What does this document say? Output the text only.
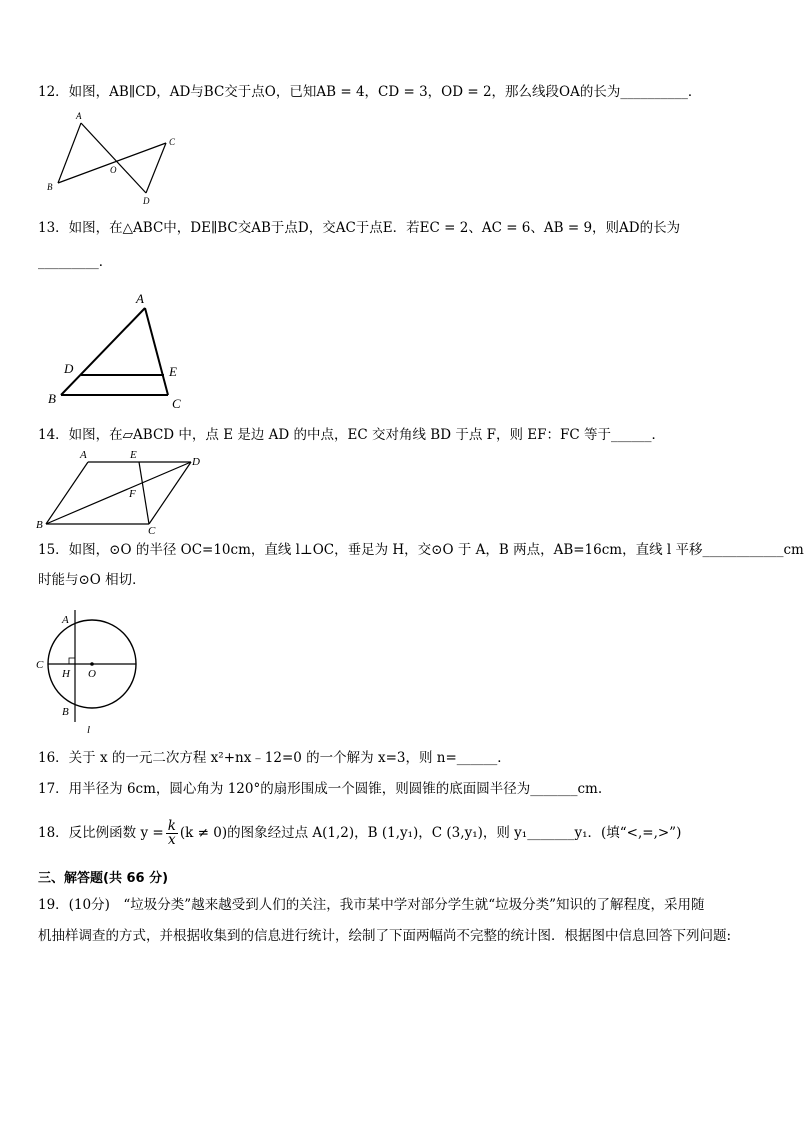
12．如图，AB∥CD，AD与BC交于点O，已知AB = 4，CD = 3，OD = 2，那么线段OA的长为__________．
A
B
C
D
O
13．如图，在△ABC中，DE∥BC交AB于点D，交AC于点E．若EC = 2、AC = 6、AB = 9，则AD的长为
_________．
A
B	C
D	E
14．如图，在▱ABCD 中，点 E 是边 AD 的中点，EC 交对角线 BD 于点 F，则 EF：FC 等于______．
A
B	C
D
E
F
15．如图，⊙O 的半径 OC=10cm，直线 l⊥OC，垂足为 H，交⊙O 于 A，B 两点，AB=16cm，直线 l 平移____________cm
时能与⊙O 相切．
A
B
C
H O
l
16．关于 x 的一元二次方程 x²+nx﹣12=0 的一个解为 x=3，则 n=______．
17．用半径为 6cm，圆心角为 120°的扇形围成一个圆锥，则圆锥的底面圆半径为_______cm.
18．反比例函数 $y = \frac{k}{x} (k \ne 0)$的图象经过点 A(1,2)，B (1,y₁)，C (3,y₁)，则 y₁_______y₁．(填“<,=,>”)
三、解答题(共 66 分)
19．(10分)　“垃圾分类”越来越受到人们的关注，我市某中学对部分学生就“垃圾分类”知识的了解程度，采用随
机抽样调查的方式，并根据收集到的信息进行统计，绘制了下面两幅尚不完整的统计图．根据图中信息回答下列问题:
